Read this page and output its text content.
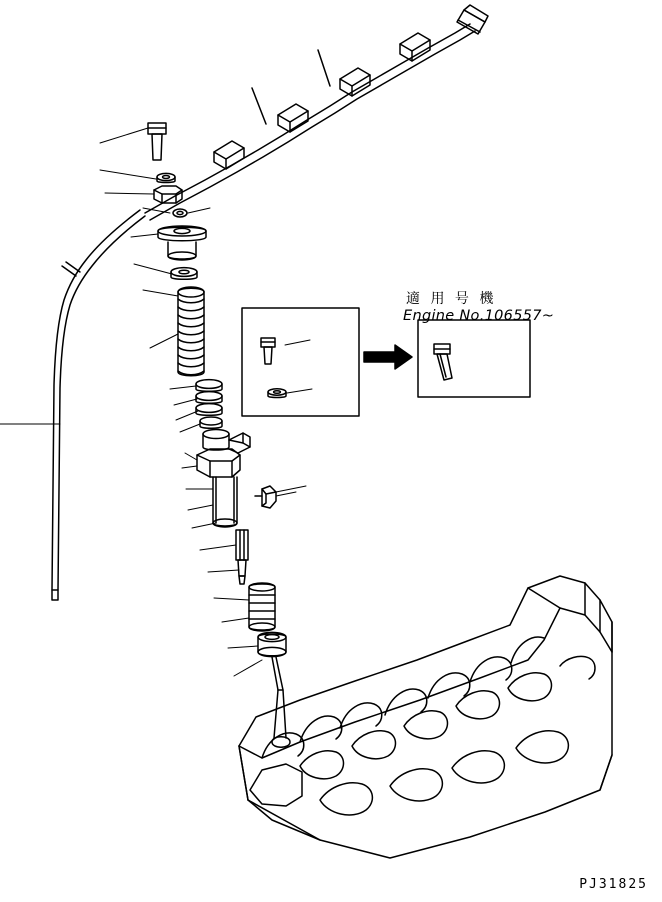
適 用 号 機
Engine No.106557~
PJ31825
